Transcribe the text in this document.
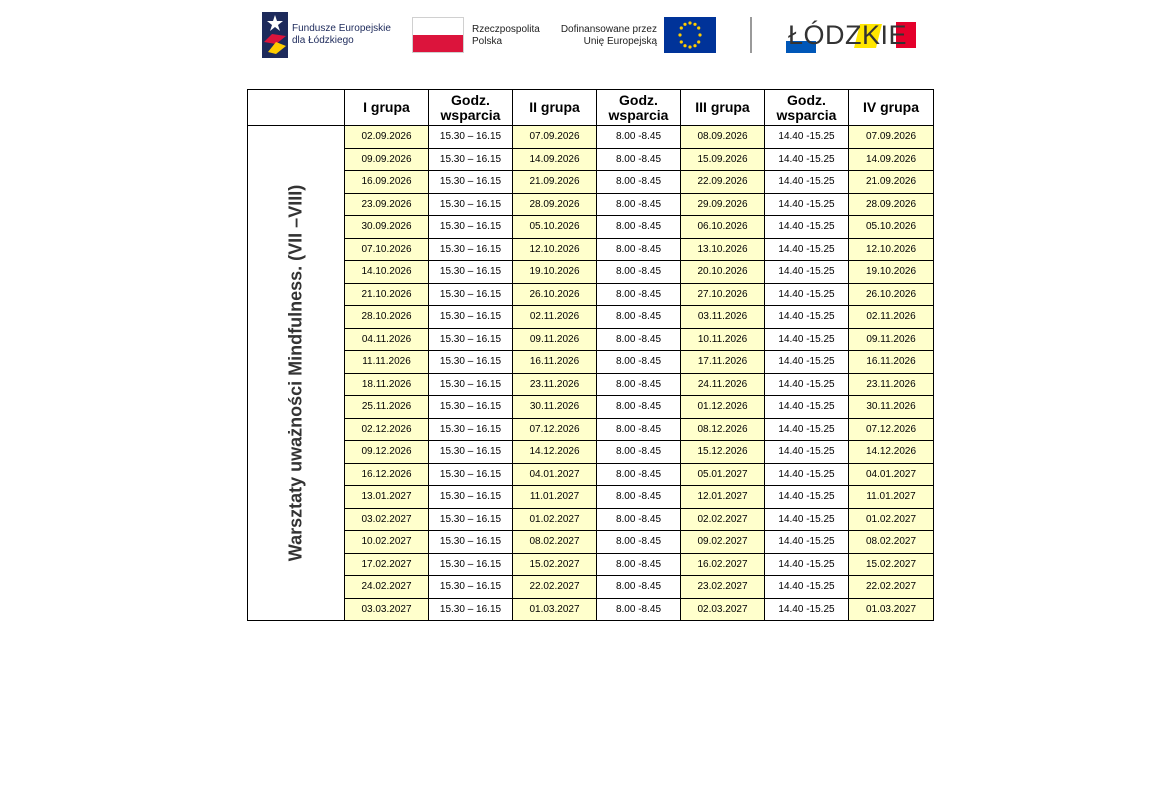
Fundusze Europejskie
dla Łódzkiego
Rzeczpospolita
Polska
Dofinansowane przez
Unię Europejską	ŁÓDZKIE
	I grupa	Godz. wsparcia	II grupa	Godz. wsparcia	III grupa	Godz. wsparcia	IV grupa

Warsztaty uważności Mindfulness. (VII –VIII)	02.09.2026	15.30 – 16.15	07.09.2026	8.00 -8.45	08.09.2026	14.40 -15.25	07.09.2026
	09.09.2026	15.30 – 16.15	14.09.2026	8.00 -8.45	15.09.2026	14.40 -15.25	14.09.2026
	16.09.2026	15.30 – 16.15	21.09.2026	8.00 -8.45	22.09.2026	14.40 -15.25	21.09.2026
	23.09.2026	15.30 – 16.15	28.09.2026	8.00 -8.45	29.09.2026	14.40 -15.25	28.09.2026
	30.09.2026	15.30 – 16.15	05.10.2026	8.00 -8.45	06.10.2026	14.40 -15.25	05.10.2026
	07.10.2026	15.30 – 16.15	12.10.2026	8.00 -8.45	13.10.2026	14.40 -15.25	12.10.2026
	14.10.2026	15.30 – 16.15	19.10.2026	8.00 -8.45	20.10.2026	14.40 -15.25	19.10.2026
	21.10.2026	15.30 – 16.15	26.10.2026	8.00 -8.45	27.10.2026	14.40 -15.25	26.10.2026
	28.10.2026	15.30 – 16.15	02.11.2026	8.00 -8.45	03.11.2026	14.40 -15.25	02.11.2026
	04.11.2026	15.30 – 16.15	09.11.2026	8.00 -8.45	10.11.2026	14.40 -15.25	09.11.2026
	11.11.2026	15.30 – 16.15	16.11.2026	8.00 -8.45	17.11.2026	14.40 -15.25	16.11.2026
	18.11.2026	15.30 – 16.15	23.11.2026	8.00 -8.45	24.11.2026	14.40 -15.25	23.11.2026
	25.11.2026	15.30 – 16.15	30.11.2026	8.00 -8.45	01.12.2026	14.40 -15.25	30.11.2026
	02.12.2026	15.30 – 16.15	07.12.2026	8.00 -8.45	08.12.2026	14.40 -15.25	07.12.2026
	09.12.2026	15.30 – 16.15	14.12.2026	8.00 -8.45	15.12.2026	14.40 -15.25	14.12.2026
	16.12.2026	15.30 – 16.15	04.01.2027	8.00 -8.45	05.01.2027	14.40 -15.25	04.01.2027
	13.01.2027	15.30 – 16.15	11.01.2027	8.00 -8.45	12.01.2027	14.40 -15.25	11.01.2027
	03.02.2027	15.30 – 16.15	01.02.2027	8.00 -8.45	02.02.2027	14.40 -15.25	01.02.2027
	10.02.2027	15.30 – 16.15	08.02.2027	8.00 -8.45	09.02.2027	14.40 -15.25	08.02.2027
	17.02.2027	15.30 – 16.15	15.02.2027	8.00 -8.45	16.02.2027	14.40 -15.25	15.02.2027
	24.02.2027	15.30 – 16.15	22.02.2027	8.00 -8.45	23.02.2027	14.40 -15.25	22.02.2027
	03.03.2027	15.30 – 16.15	01.03.2027	8.00 -8.45	02.03.2027	14.40 -15.25	01.03.2027
